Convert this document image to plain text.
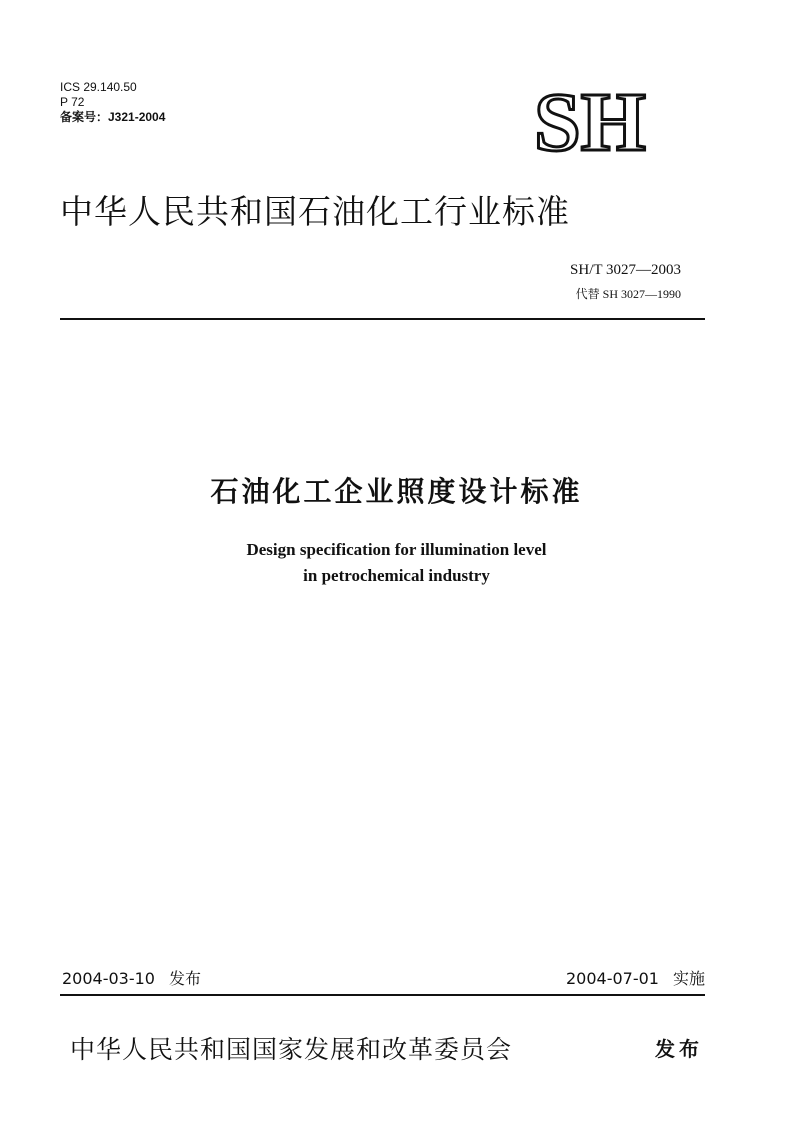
ICS 29.140.50
P 72
备案号：J321-2004	SH
中华人民共和国石油化工行业标准
SH/T 3027—2003
代替 SH 3027—1990
石油化工企业照度设计标准
Design specification for illumination level
in petrochemical industry
2004-03-10 发布	2004-07-01 实施
中华人民共和国国家发展和改革委员会	发布
